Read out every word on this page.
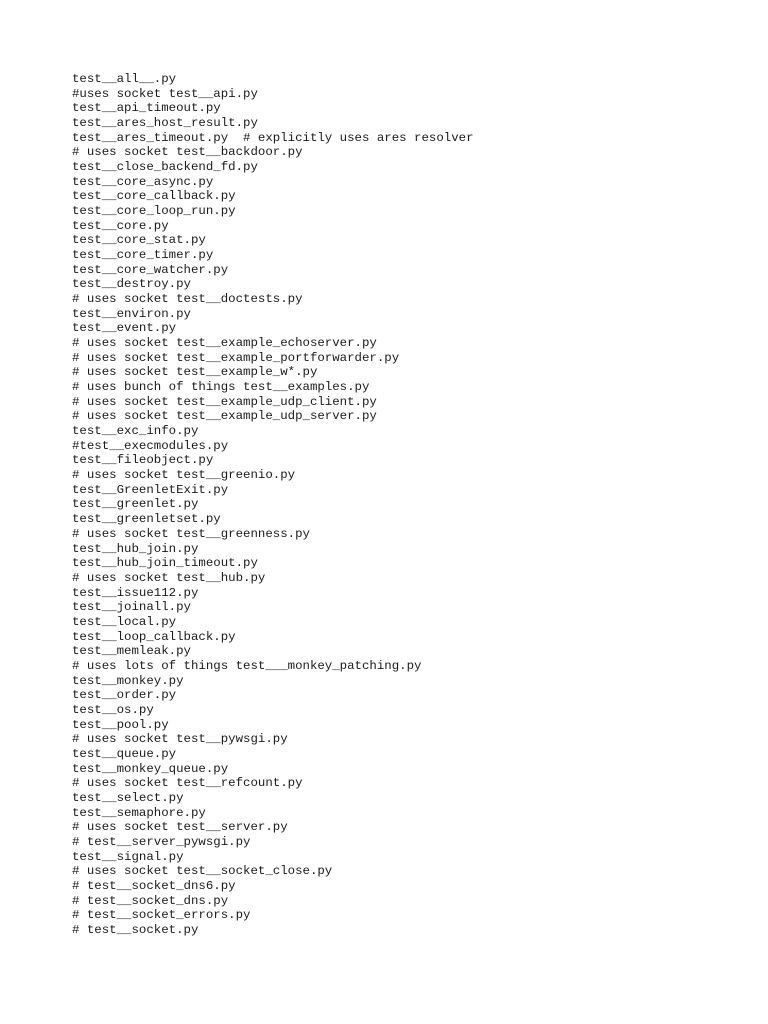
test__all__.py
#uses socket test__api.py
test__api_timeout.py
test__ares_host_result.py
test__ares_timeout.py  # explicitly uses ares resolver
# uses socket test__backdoor.py
test__close_backend_fd.py
test__core_async.py
test__core_callback.py
test__core_loop_run.py
test__core.py
test__core_stat.py
test__core_timer.py
test__core_watcher.py
test__destroy.py
# uses socket test__doctests.py
test__environ.py
test__event.py
# uses socket test__example_echoserver.py
# uses socket test__example_portforwarder.py
# uses socket test__example_w*.py
# uses bunch of things test__examples.py
# uses socket test__example_udp_client.py
# uses socket test__example_udp_server.py
test__exc_info.py
#test__execmodules.py
test__fileobject.py
# uses socket test__greenio.py
test__GreenletExit.py
test__greenlet.py
test__greenletset.py
# uses socket test__greenness.py
test__hub_join.py
test__hub_join_timeout.py
# uses socket test__hub.py
test__issue112.py
test__joinall.py
test__local.py
test__loop_callback.py
test__memleak.py
# uses lots of things test___monkey_patching.py
test__monkey.py
test__order.py
test__os.py
test__pool.py
# uses socket test__pywsgi.py
test__queue.py
test__monkey_queue.py
# uses socket test__refcount.py
test__select.py
test__semaphore.py
# uses socket test__server.py
# test__server_pywsgi.py
test__signal.py
# uses socket test__socket_close.py
# test__socket_dns6.py
# test__socket_dns.py
# test__socket_errors.py
# test__socket.py
